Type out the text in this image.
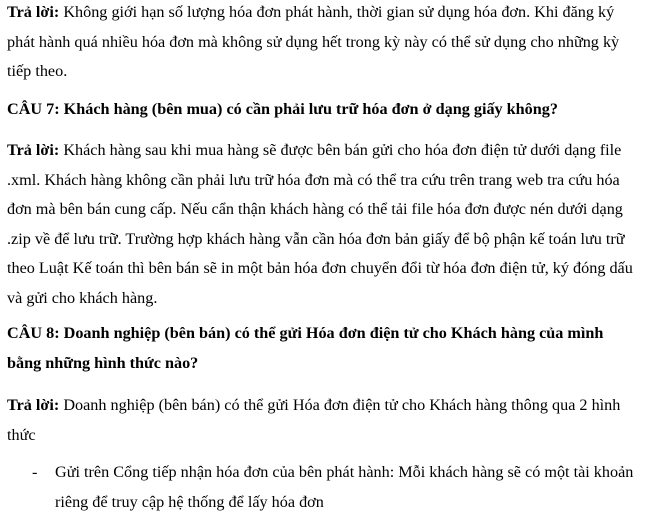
Trả lời: Không giới hạn số lượng hóa đơn phát hành, thời gian sử dụng hóa đơn. Khi đăng ký phát hành quá nhiều hóa đơn mà không sử dụng hết trong kỳ này có thể sử dụng cho những kỳ tiếp theo.

CÂU 7: Khách hàng (bên mua) có cần phải lưu trữ hóa đơn ở dạng giấy không?

Trả lời: Khách hàng sau khi mua hàng sẽ được bên bán gửi cho hóa đơn điện tử dưới dạng file .xml. Khách hàng không cần phải lưu trữ hóa đơn mà có thể tra cứu trên trang web tra cứu hóa đơn mà bên bán cung cấp. Nếu cẩn thận khách hàng có thể tải file hóa đơn được nén dưới dạng .zip về để lưu trữ. Trường hợp khách hàng vẫn cần hóa đơn bản giấy để bộ phận kế toán lưu trữ theo Luật Kế toán thì bên bán sẽ in một bản hóa đơn chuyển đổi từ hóa đơn điện tử, ký đóng dấu và gửi cho khách hàng.

CÂU 8: Doanh nghiệp (bên bán) có thể gửi Hóa đơn điện tử cho Khách hàng của mình bằng những hình thức nào?

Trả lời: Doanh nghiệp (bên bán) có thể gửi Hóa đơn điện tử cho Khách hàng thông qua 2 hình thức

-	Gửi trên Cổng tiếp nhận hóa đơn của bên phát hành: Mỗi khách hàng sẽ có một tài khoản riêng để truy cập hệ thống để lấy hóa đơn
